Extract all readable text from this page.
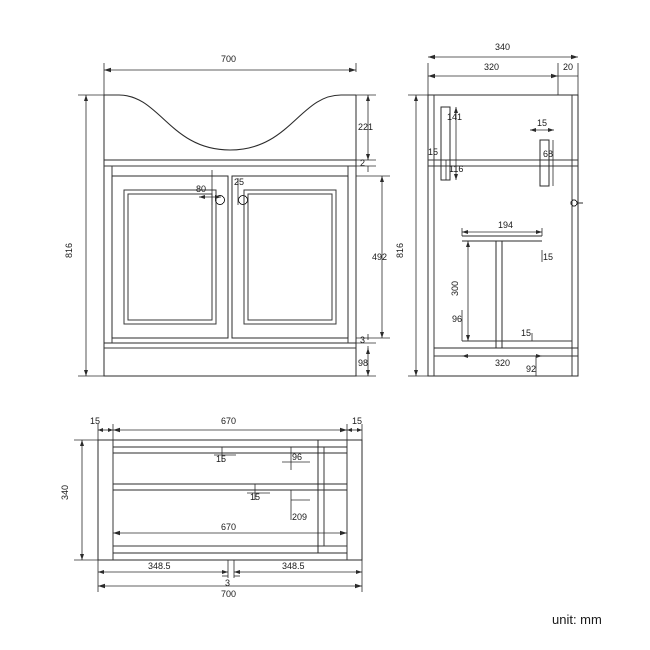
80
25
221
2
492
3
98
700
816
340
320	20
141
15
116
15
68
194
15
300
96
15
320
92
816
15	670	15
15	96
15
209
670
340
348.5	348.5
3
700
unit: mm
